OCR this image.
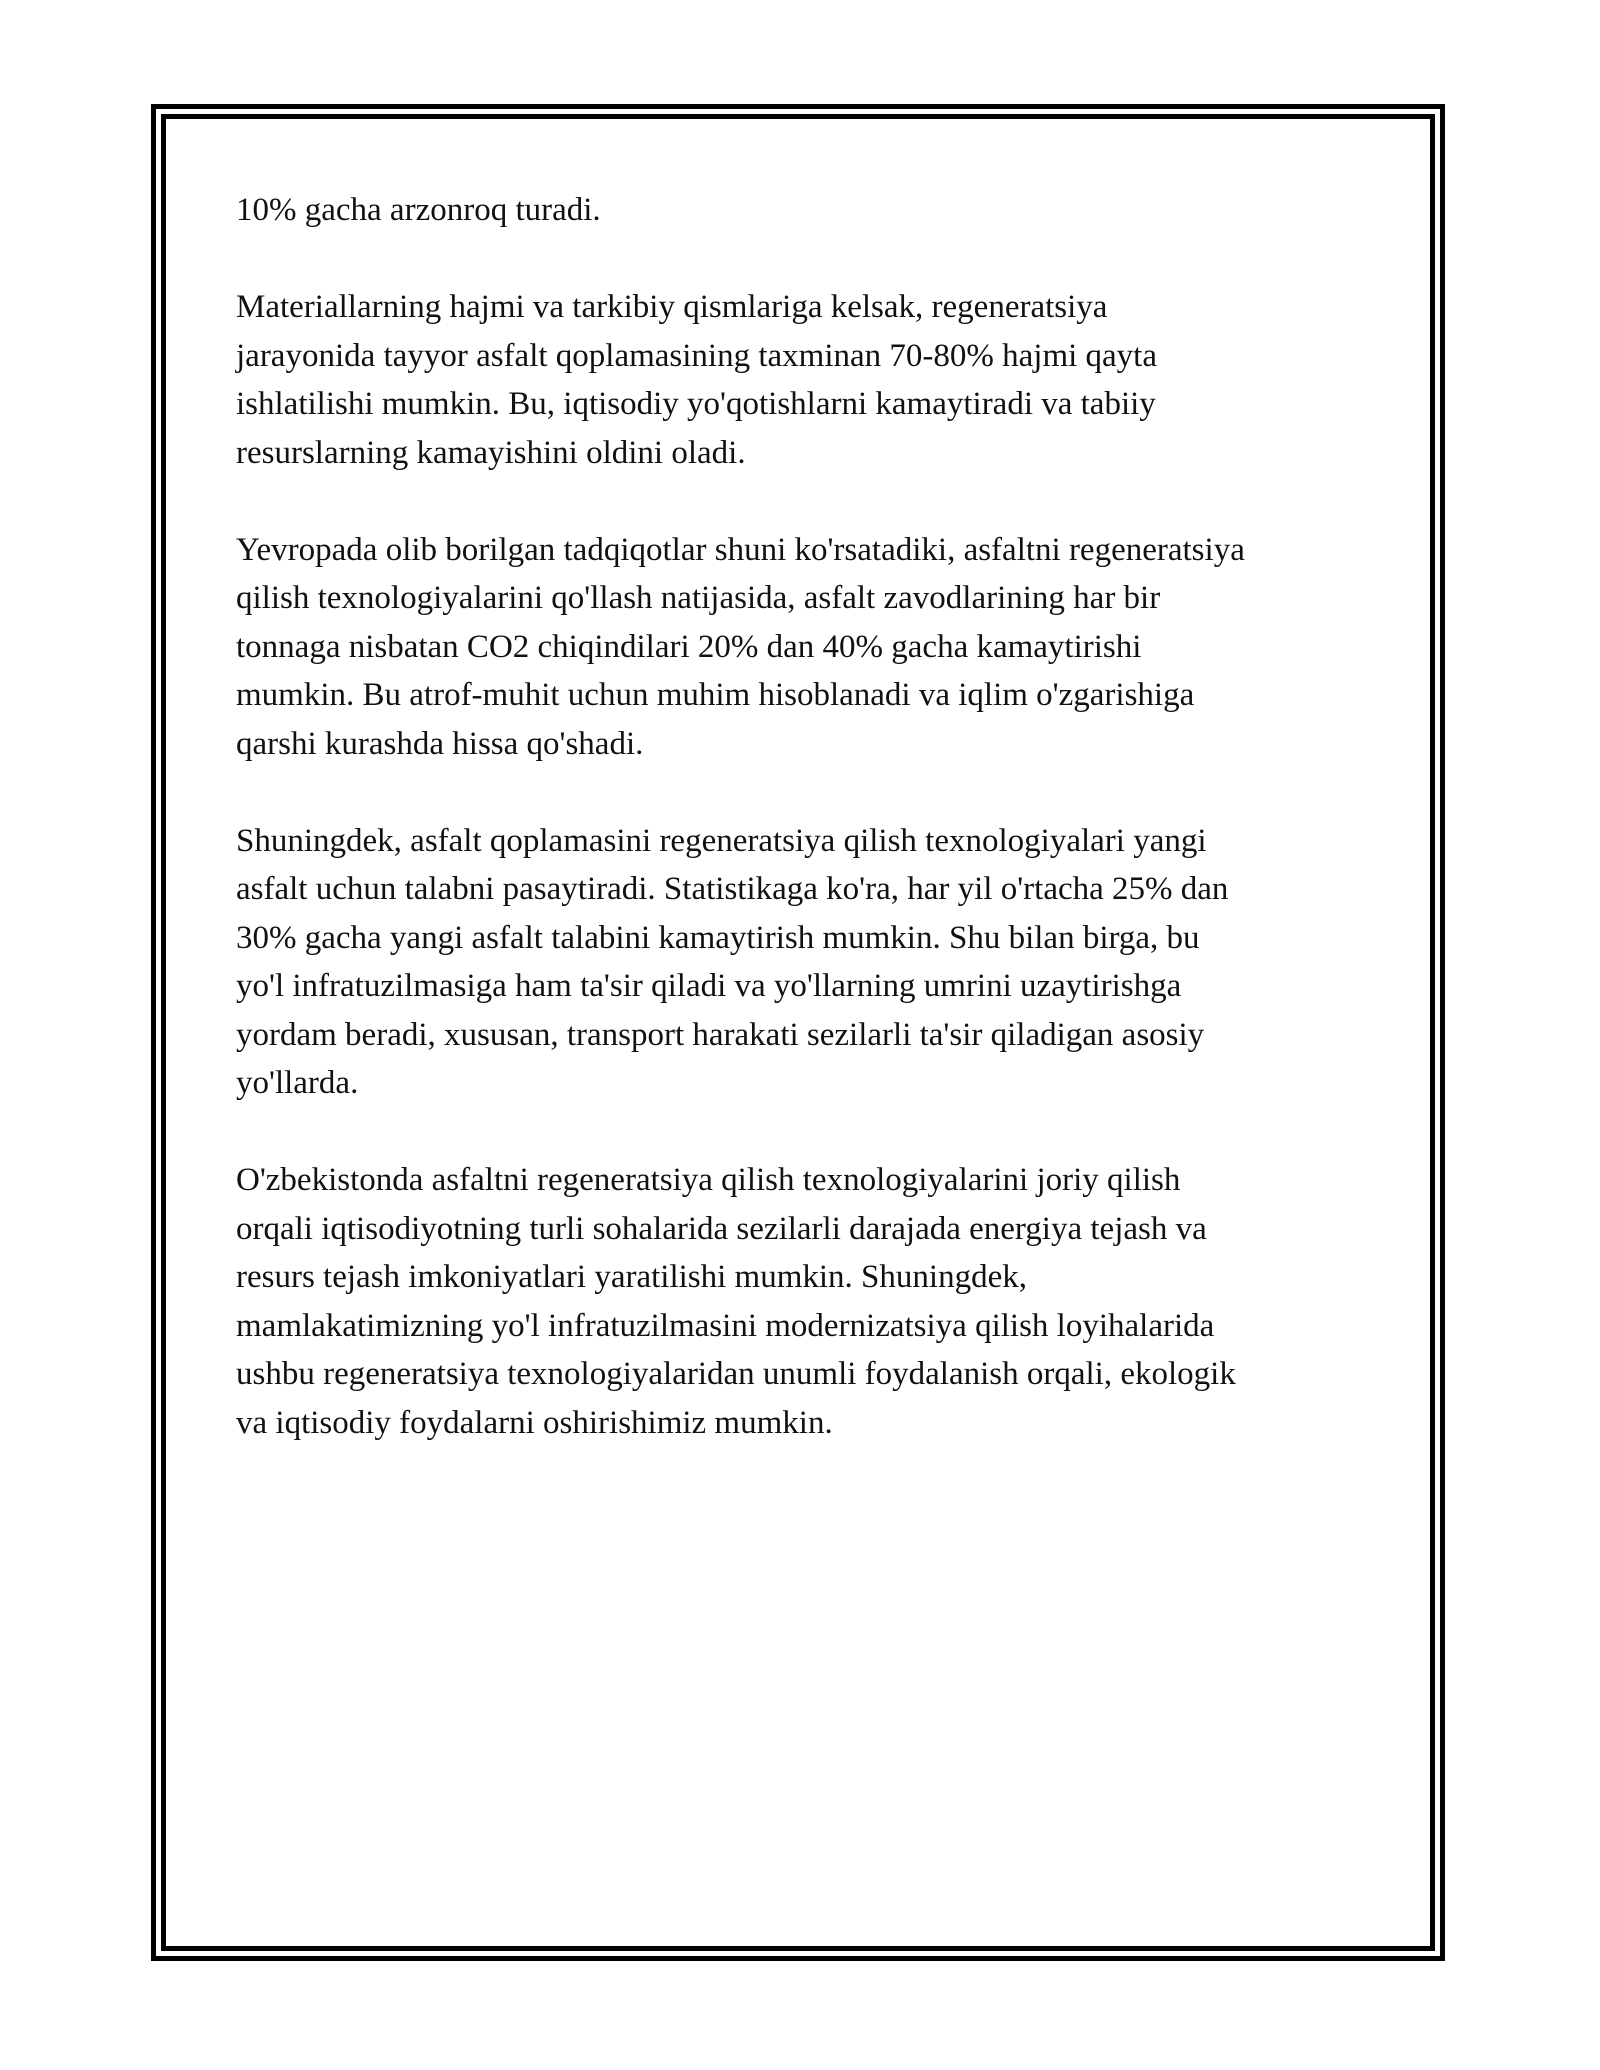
10% gacha arzonroq turadi.

Materiallarning hajmi va tarkibiy qismlariga kelsak, regeneratsiya
jarayonida tayyor asfalt qoplamasining taxminan 70-80% hajmi qayta
ishlatilishi mumkin. Bu, iqtisodiy yo'qotishlarni kamaytiradi va tabiiy
resurslarning kamayishini oldini oladi.

Yevropada olib borilgan tadqiqotlar shuni ko'rsatadiki, asfaltni regeneratsiya
qilish texnologiyalarini qo'llash natijasida, asfalt zavodlarining har bir
tonnaga nisbatan CO2 chiqindilari 20% dan 40% gacha kamaytirishi
mumkin. Bu atrof-muhit uchun muhim hisoblanadi va iqlim o'zgarishiga
qarshi kurashda hissa qo'shadi.

Shuningdek, asfalt qoplamasini regeneratsiya qilish texnologiyalari yangi
asfalt uchun talabni pasaytiradi. Statistikaga ko'ra, har yil o'rtacha 25% dan
30% gacha yangi asfalt talabini kamaytirish mumkin. Shu bilan birga, bu
yo'l infratuzilmasiga ham ta'sir qiladi va yo'llarning umrini uzaytirishga
yordam beradi, xususan, transport harakati sezilarli ta'sir qiladigan asosiy
yo'llarda.

O'zbekistonda asfaltni regeneratsiya qilish texnologiyalarini joriy qilish
orqali iqtisodiyotning turli sohalarida sezilarli darajada energiya tejash va
resurs tejash imkoniyatlari yaratilishi mumkin. Shuningdek,
mamlakatimizning yo'l infratuzilmasini modernizatsiya qilish loyihalarida
ushbu regeneratsiya texnologiyalaridan unumli foydalanish orqali, ekologik
va iqtisodiy foydalarni oshirishimiz mumkin.
